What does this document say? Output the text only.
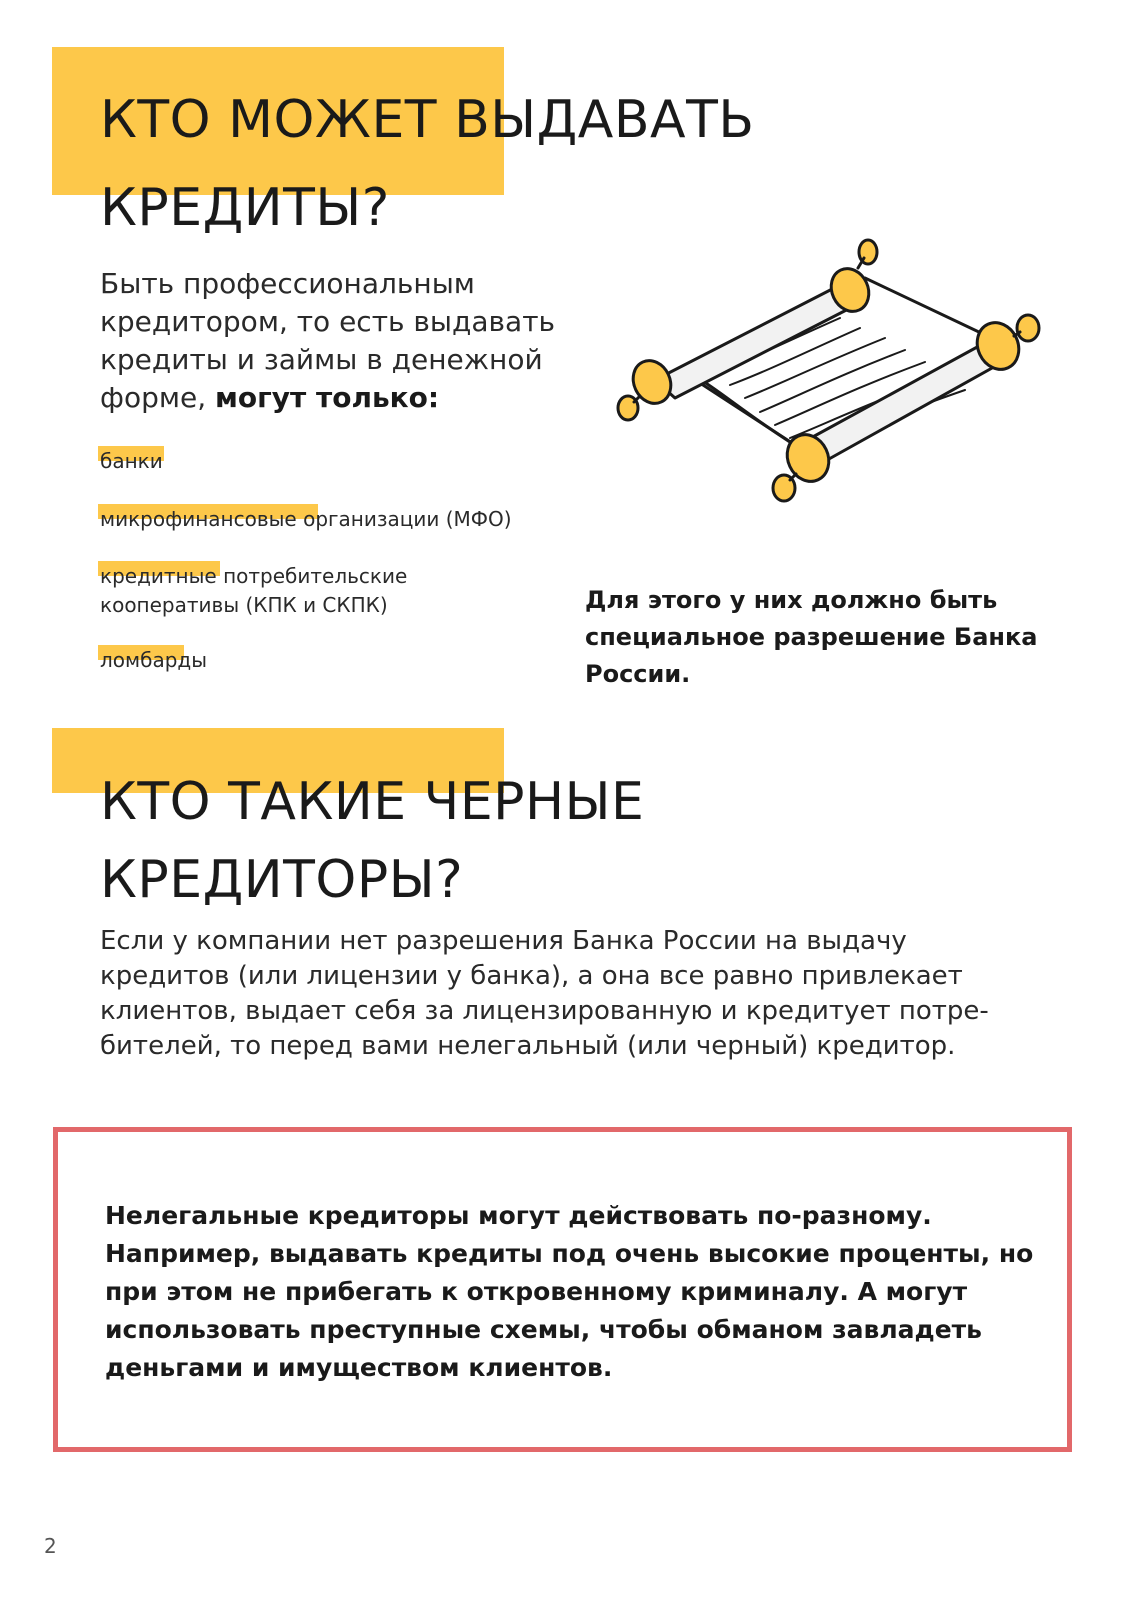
КТО МОЖЕТ ВЫДАВАТЬ
КРЕДИТЫ?

Быть профессиональным кредитором, то есть выдавать кредиты и займы в денежной форме, могут только:

банки

микрофинансовые организации (МФО)

кредитные потребительские кооперативы (КПК и СКПК)

ломбарды

Для этого у них должно быть специальное разрешение Банка России.

КТО ТАКИЕ ЧЕРНЫЕ
КРЕДИТОРЫ?

Если у компании нет разрешения Банка России на выдачу кредитов (или лицензии у банка), а она все равно привлекает клиентов, выдает себя за лицензированную и кредитует потре-бителей, то перед вами нелегальный (или черный) кредитор.

Нелегальные кредиторы могут действовать по-разному. Например, выдавать кредиты под очень высокие проценты, но при этом не прибегать к откровенному криминалу. А могут использовать преступные схемы, чтобы обманом завладеть деньгами и имуществом клиентов.

2
